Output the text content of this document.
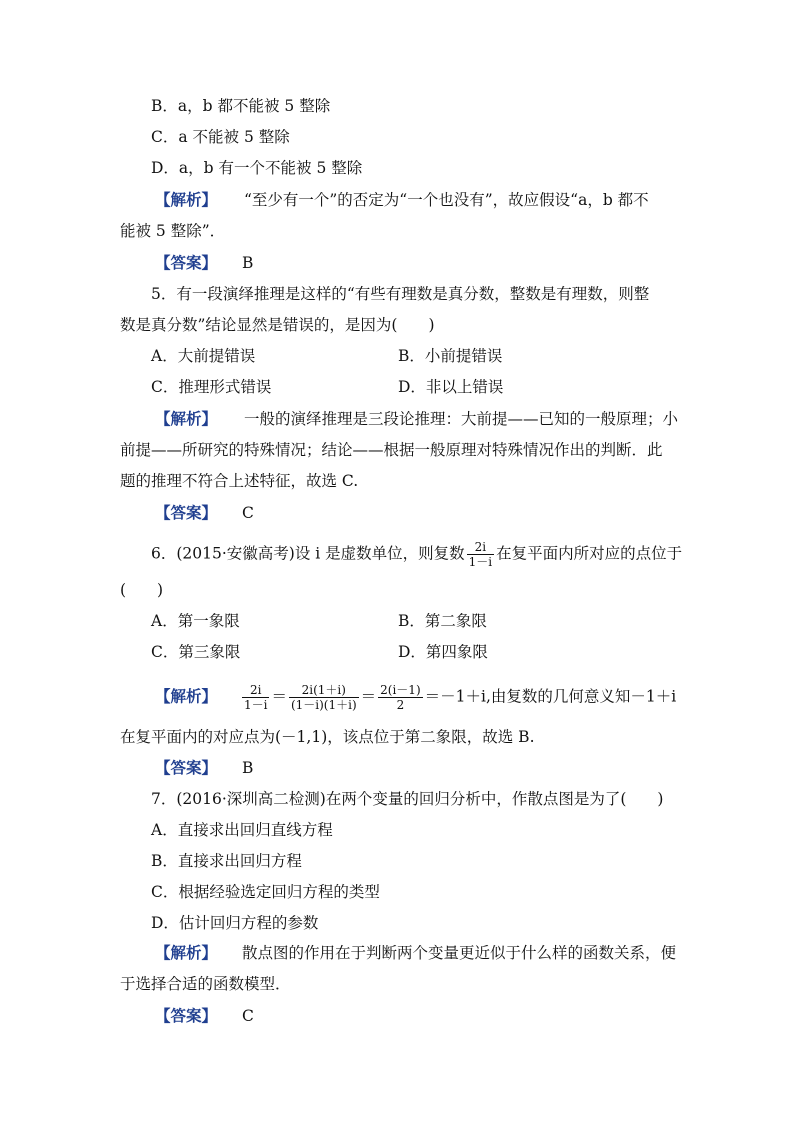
B．a，b 都不能被 5 整除
C．a 不能被 5 整除
D．a，b 有一个不能被 5 整除
【解析】 “至少有一个”的否定为“一个也没有”，故应假设“a，b 都不
能被 5 整除”．
【答案】 B
5．有一段演绎推理是这样的“有些有理数是真分数，整数是有理数，则整
数是真分数”结论显然是错误的，是因为(　　)
A．大前提错误	B．小前提错误
C．推理形式错误	D．非以上错误
【解析】 一般的演绎推理是三段论推理：大前提——已知的一般原理；小
前提——所研究的特殊情况；结论——根据一般原理对特殊情况作出的判断．此
题的推理不符合上述特征，故选 C.
【答案】 C
6．(2015·安徽高考)设 i 是虚数单位，则复数 $\frac{2i}{1-i}$ 在复平面内所对应的点位于
(　　)
A．第一象限	B．第二象限
C．第三象限	D．第四象限
【解析】 $\frac{2i}{1-i} = \frac{2i(1+i)}{(1-i)(1+i)} = \frac{2(i-1)}{2} =-1+i$,由复数的几何意义知－1＋i
在复平面内的对应点为(－1,1)，该点位于第二象限，故选 B.
【答案】 B
7．(2016·深圳高二检测)在两个变量的回归分析中，作散点图是为了(　　)
A．直接求出回归直线方程
B．直接求出回归方程
C．根据经验选定回归方程的类型
D．估计回归方程的参数
【解析】 散点图的作用在于判断两个变量更近似于什么样的函数关系，便
于选择合适的函数模型．
【答案】 C
